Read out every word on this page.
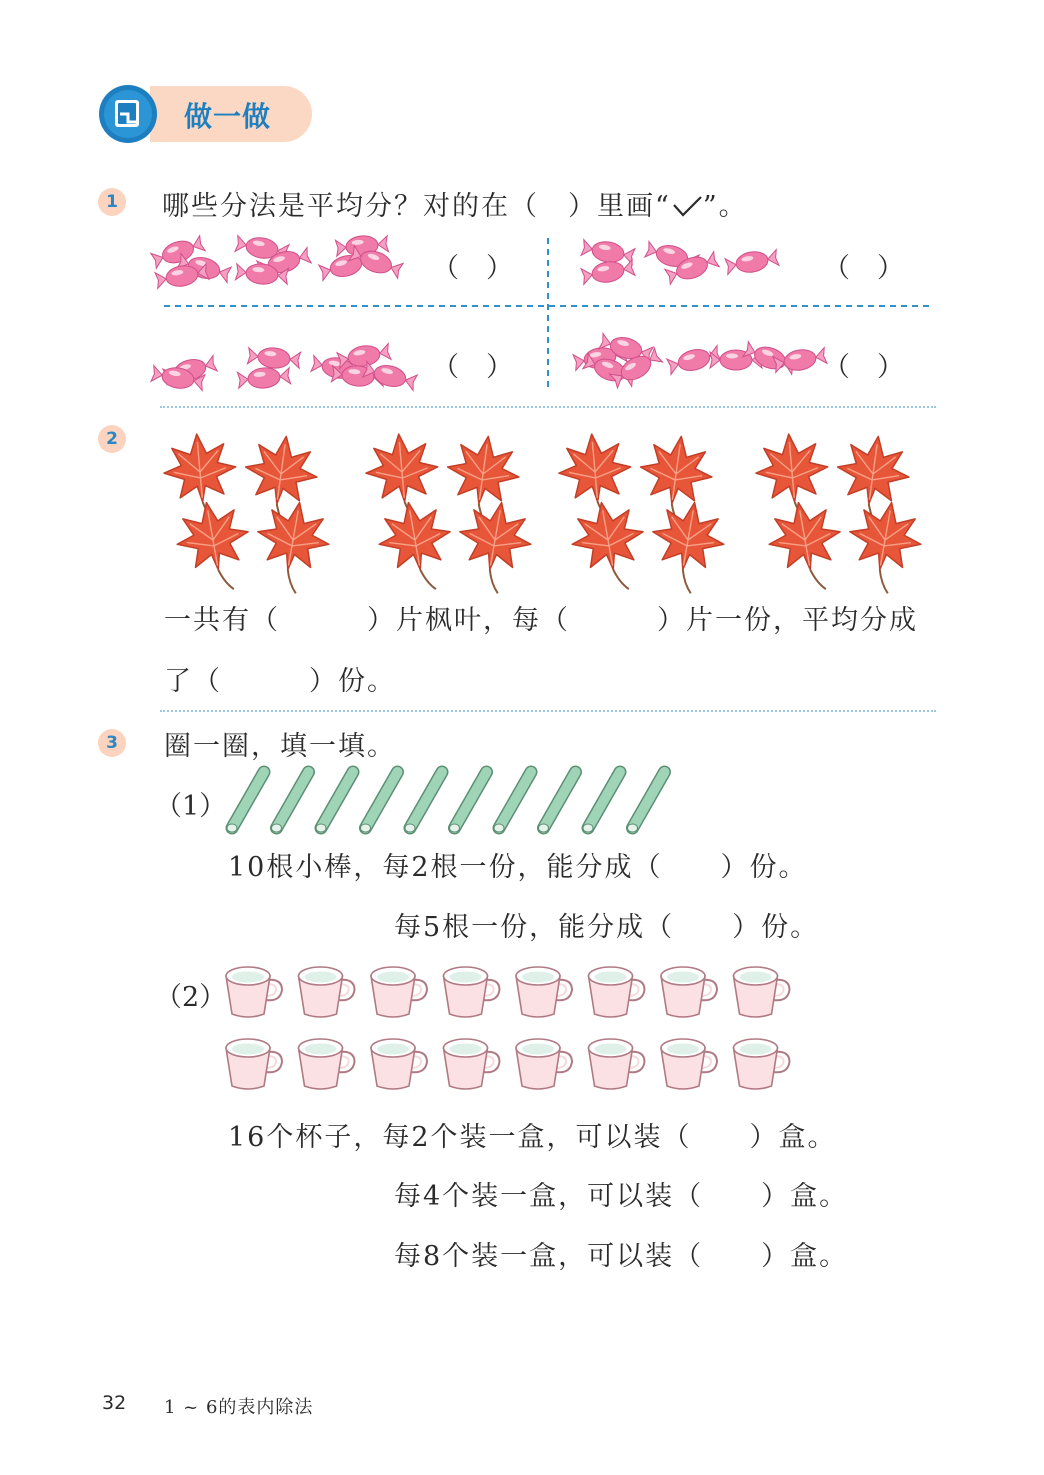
做一做
1 哪些分法是平均分？对的在（　）里画“ ”。
（　）	（　）
（　）	（　）
2
一共有（　　　）片枫叶，每（　　　）片一份，平均分成
了（　　　）份。
3 圈一圈，填一填。
（1）
10根小棒，每2根一份，能分成（　　）份。
每5根一份，能分成（　　）份。
（2）
16个杯子，每2个装一盒，可以装（　　）盒。
每4个装一盒，可以装（　　）盒。
每8个装一盒，可以装（　　）盒。
32 1 ~ 6的表内除法
